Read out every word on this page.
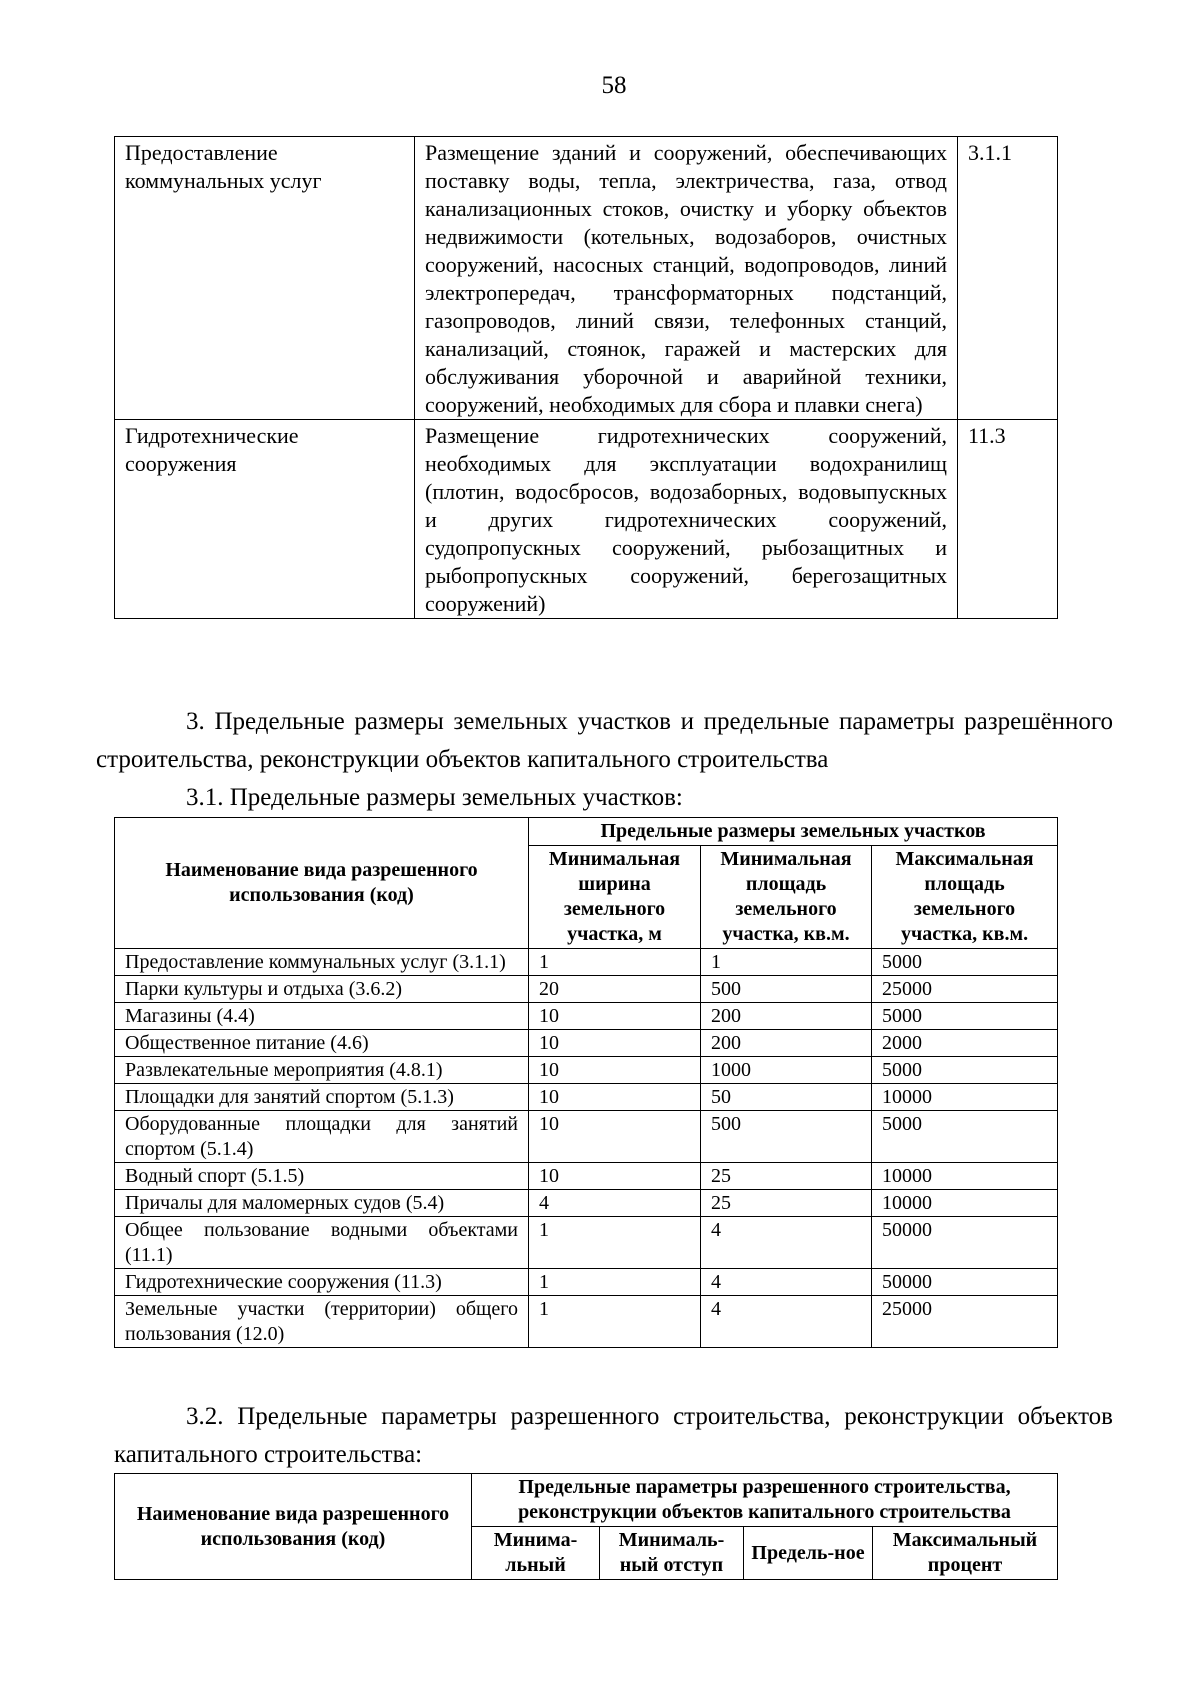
58
Предоставление коммунальных услуг	Размещение зданий и сооружений, обеспечивающих поставку воды, тепла, электричества, газа, отвод канализационных стоков, очистку и уборку объектов недвижимости (котельных, водозаборов, очистных сооружений, насосных станций, водопроводов, линий электропередач, трансформаторных подстанций, газопроводов, линий связи, телефонных станций, канализаций, стоянок, гаражей и мастерских для обслуживания уборочной и аварийной техники, сооружений, необходимых для сбора и плавки снега)	3.1.1
Гидротехнические сооружения	Размещение гидротехнических сооружений, необходимых для эксплуатации водохранилищ (плотин, водосбросов, водозаборных, водовыпускных и других гидротехнических сооружений, судопропускных сооружений, рыбозащитных и рыбопропускных сооружений, берегозащитных сооружений)	11.3
3. Предельные размеры земельных участков и предельные параметры разрешённого строительства, реконструкции объектов капитального строительства
3.1. Предельные размеры земельных участков:
Наименование вида разрешенного использования (код)	Предельные размеры земельных участков		
	Минимальная ширина земельного участка, м	Минимальная площадь земельного участка, кв.м.	Максимальная площадь земельного участка, кв.м.
Предоставление коммунальных услуг (3.1.1)	1	1	5000
Парки культуры и отдыха (3.6.2)	20	500	25000
Магазины (4.4)	10	200	5000
Общественное питание (4.6)	10	200	2000
Развлекательные мероприятия (4.8.1)	10	1000	5000
Площадки для занятий спортом (5.1.3)	10	50	10000
Оборудованные площадки для занятий спортом (5.1.4)	10	500	5000
Водный спорт (5.1.5)	10	25	10000
Причалы для маломерных судов (5.4)	4	25	10000
Общее пользование водными объектами (11.1)	1	4	50000
Гидротехнические сооружения (11.3)	1	4	50000
Земельные участки (территории) общего пользования (12.0)	1	4	25000
3.2. Предельные параметры разрешенного строительства, реконструкции объектов капитального строительства:
Наименование вида разрешенного использования (код)	Предельные параметры разрешенного строительства, реконструкции объектов капитального строительства			
	Минима-льный	Минималь-ный отступ	Предель-ное	Максимальный процент
